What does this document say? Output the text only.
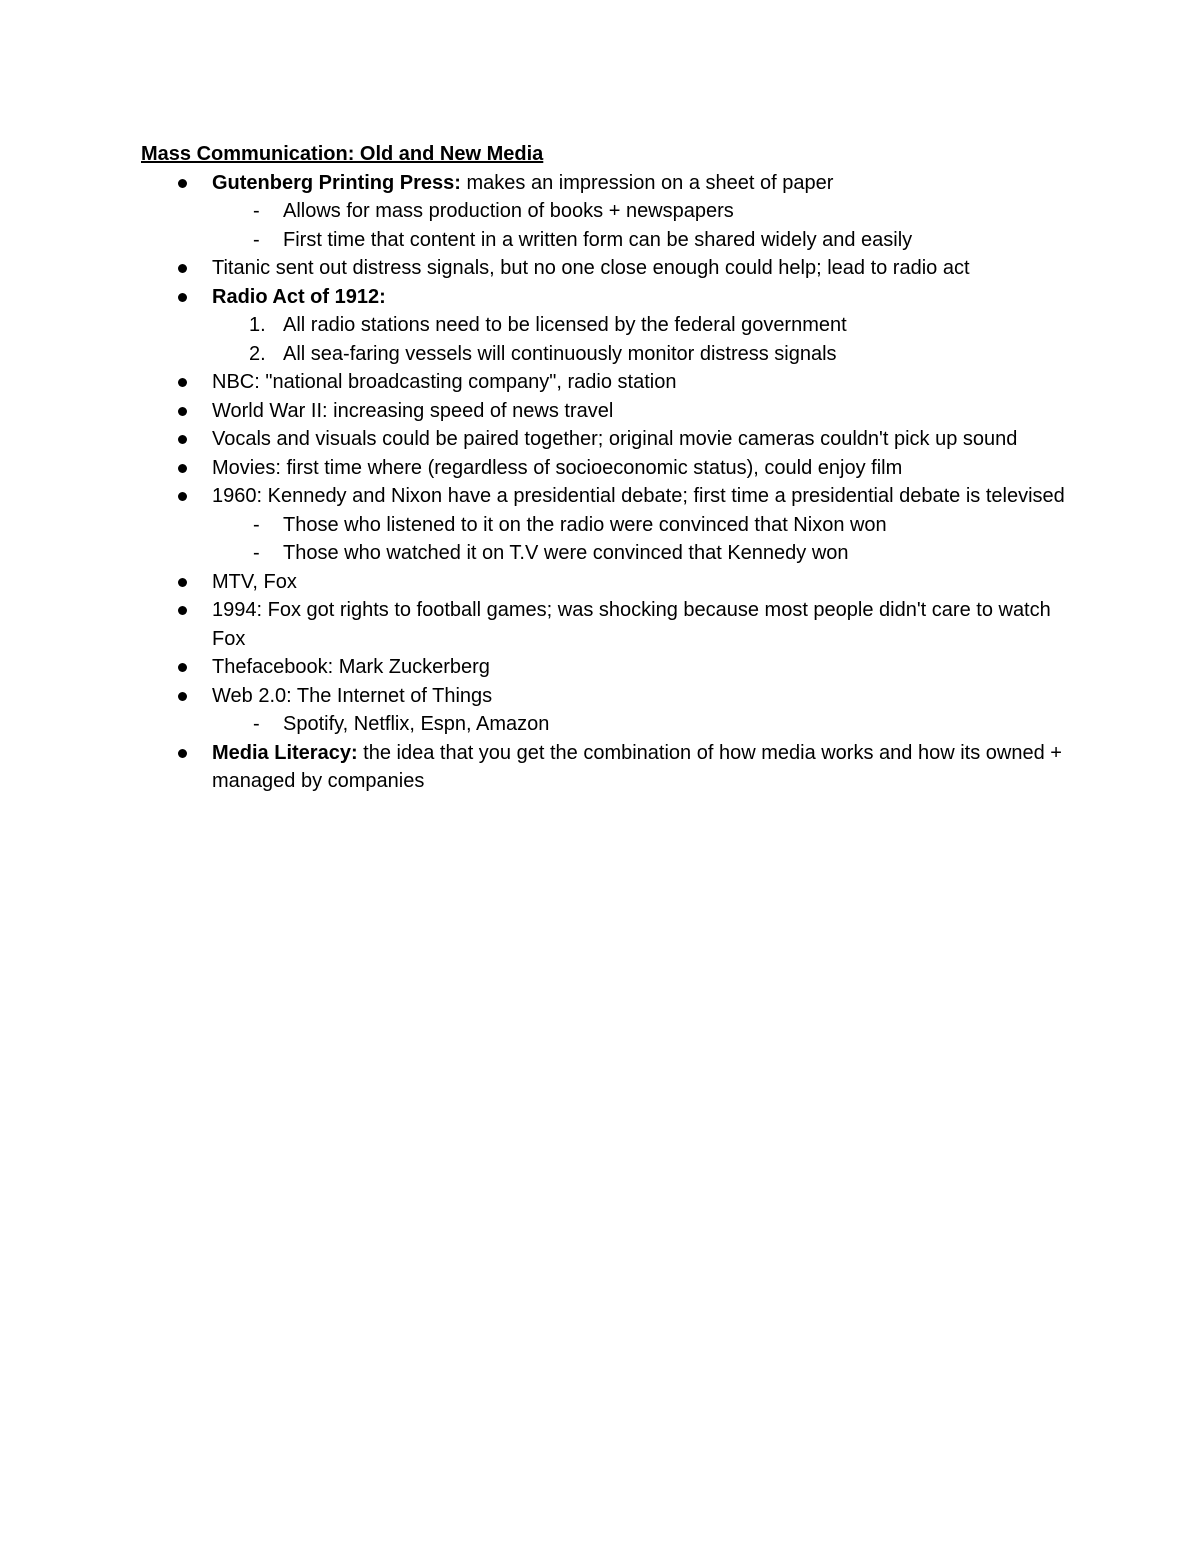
Mass Communication: Old and New Media

Gutenberg Printing Press: makes an impression on a sheet of paper
- Allows for mass production of books + newspapers
- First time that content in a written form can be shared widely and easily
Titanic sent out distress signals, but no one close enough could help; lead to radio act
Radio Act of 1912:
1. All radio stations need to be licensed by the federal government
2. All sea-faring vessels will continuously monitor distress signals
NBC: "national broadcasting company", radio station
World War II: increasing speed of news travel
Vocals and visuals could be paired together; original movie cameras couldn't pick up sound
Movies: first time where (regardless of socioeconomic status), could enjoy film
1960: Kennedy and Nixon have a presidential debate; first time a presidential debate is televised
- Those who listened to it on the radio were convinced that Nixon won
- Those who watched it on T.V were convinced that Kennedy won
MTV, Fox
1994: Fox got rights to football games; was shocking because most people didn't care to watch Fox
Thefacebook: Mark Zuckerberg
Web 2.0: The Internet of Things
- Spotify, Netflix, Espn, Amazon
Media Literacy: the idea that you get the combination of how media works and how its owned + managed by companies
